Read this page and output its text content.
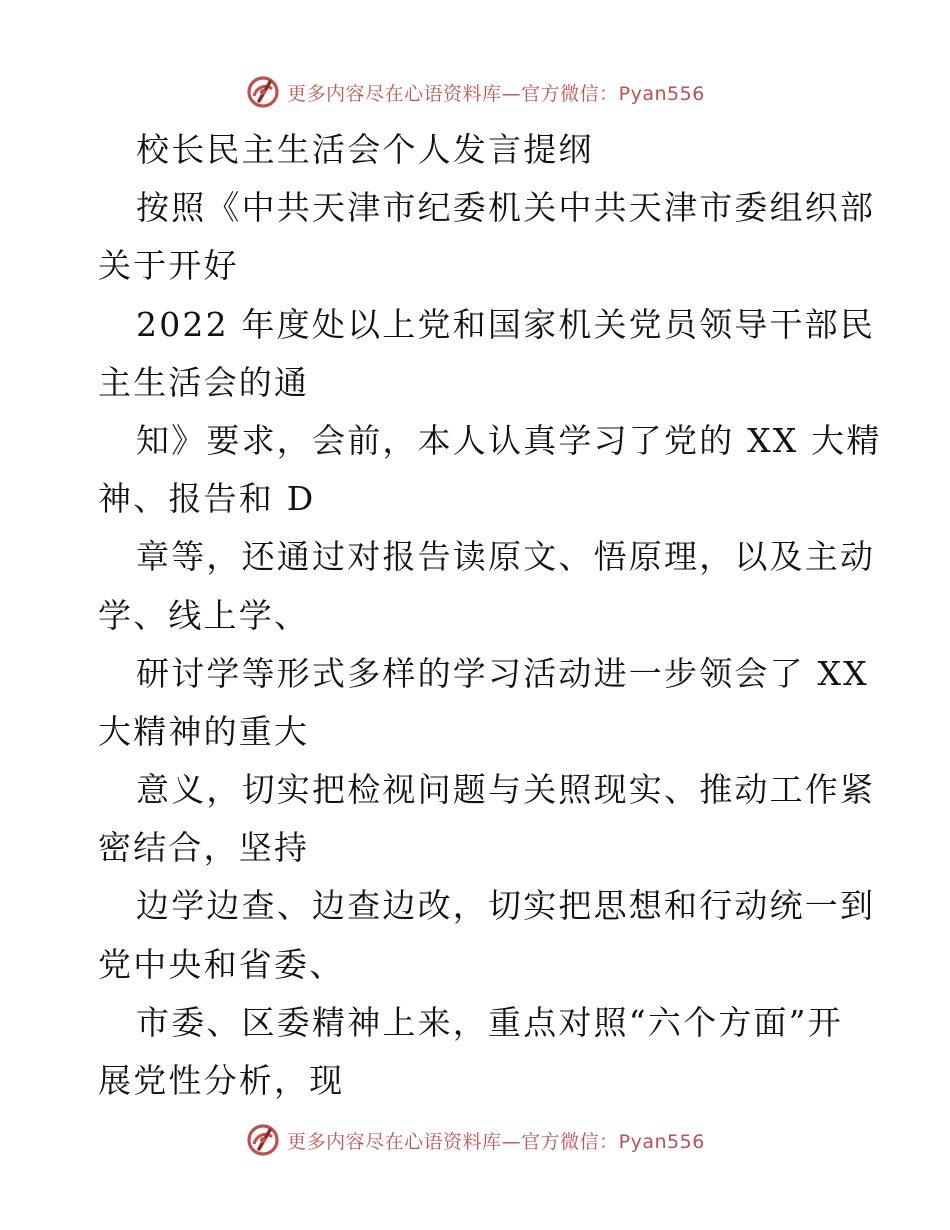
更多内容尽在心语资料库—官方微信：Pyan556
校长民主生活会个人发言提纲
按照《中共天津市纪委机关中共天津市委组织部
关于开好
2022 年度处以上党和国家机关党员领导干部民
主生活会的通
知》要求，会前，本人认真学习了党的 XX 大精
神、报告和 D
章等，还通过对报告读原文、悟原理，以及主动
学、线上学、
研讨学等形式多样的学习活动进一步领会了 XX
大精神的重大
意义，切实把检视问题与关照现实、推动工作紧
密结合，坚持
边学边查、边查边改，切实把思想和行动统一到
党中央和省委、
市委、区委精神上来，重点对照“六个方面”开
展党性分析，现
更多内容尽在心语资料库—官方微信：Pyan556
